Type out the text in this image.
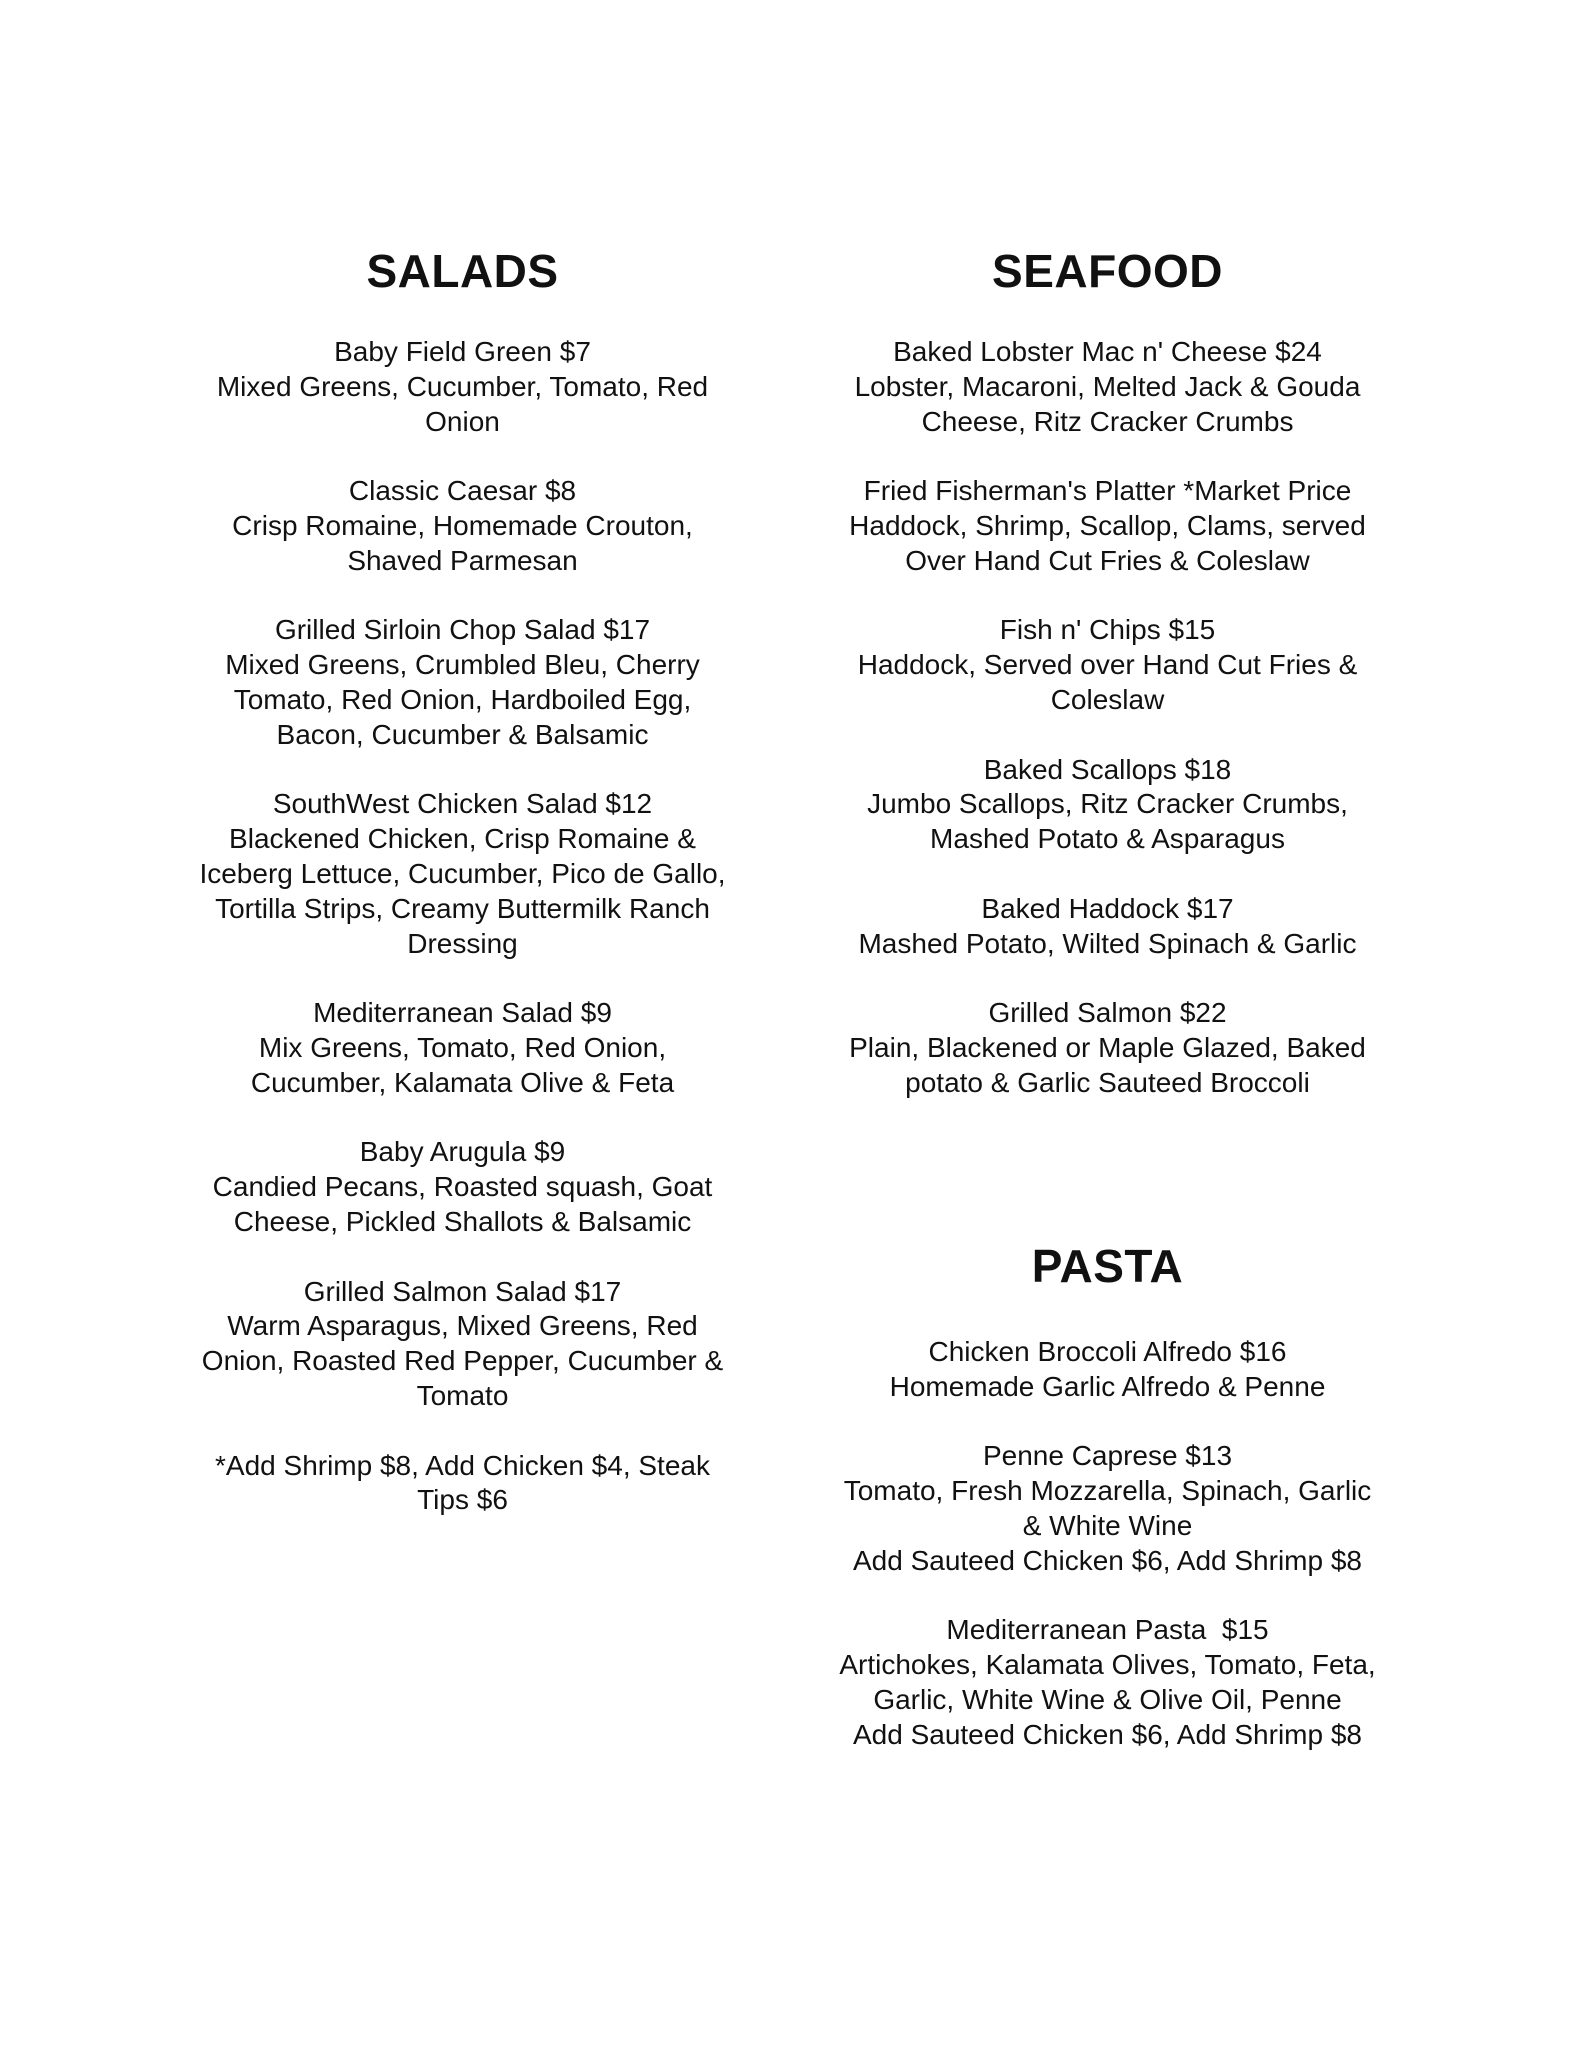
SALADS
Baby Field Green $7
Mixed Greens, Cucumber, Tomato, Red Onion
Classic Caesar $8
Crisp Romaine, Homemade Crouton, Shaved Parmesan
Grilled Sirloin Chop Salad $17
Mixed Greens, Crumbled Bleu, Cherry Tomato, Red Onion, Hardboiled Egg, Bacon, Cucumber & Balsamic
SouthWest Chicken Salad $12
Blackened Chicken, Crisp Romaine & Iceberg Lettuce, Cucumber, Pico de Gallo, Tortilla Strips, Creamy Buttermilk Ranch Dressing
Mediterranean Salad $9
Mix Greens, Tomato, Red Onion, Cucumber, Kalamata Olive & Feta
Baby Arugula $9
Candied Pecans, Roasted squash, Goat Cheese, Pickled Shallots & Balsamic
Grilled Salmon Salad $17
Warm Asparagus, Mixed Greens, Red Onion, Roasted Red Pepper, Cucumber & Tomato
*Add Shrimp $8, Add Chicken $4, Steak Tips $6
SEAFOOD
Baked Lobster Mac n' Cheese $24
Lobster, Macaroni, Melted Jack & Gouda Cheese, Ritz Cracker Crumbs
Fried Fisherman's Platter *Market Price
Haddock, Shrimp, Scallop, Clams, served Over Hand Cut Fries & Coleslaw
Fish n' Chips $15
Haddock, Served over Hand Cut Fries & Coleslaw
Baked Scallops $18
Jumbo Scallops, Ritz Cracker Crumbs, Mashed Potato & Asparagus
Baked Haddock $17
Mashed Potato, Wilted Spinach & Garlic
Grilled Salmon $22
Plain, Blackened or Maple Glazed, Baked potato & Garlic Sauteed Broccoli
PASTA
Chicken Broccoli Alfredo $16
Homemade Garlic Alfredo & Penne
Penne Caprese $13
Tomato, Fresh Mozzarella, Spinach, Garlic & White Wine
Add Sauteed Chicken $6, Add Shrimp $8
Mediterranean Pasta  $15
Artichokes, Kalamata Olives, Tomato, Feta, Garlic, White Wine & Olive Oil, Penne
Add Sauteed Chicken $6, Add Shrimp $8
